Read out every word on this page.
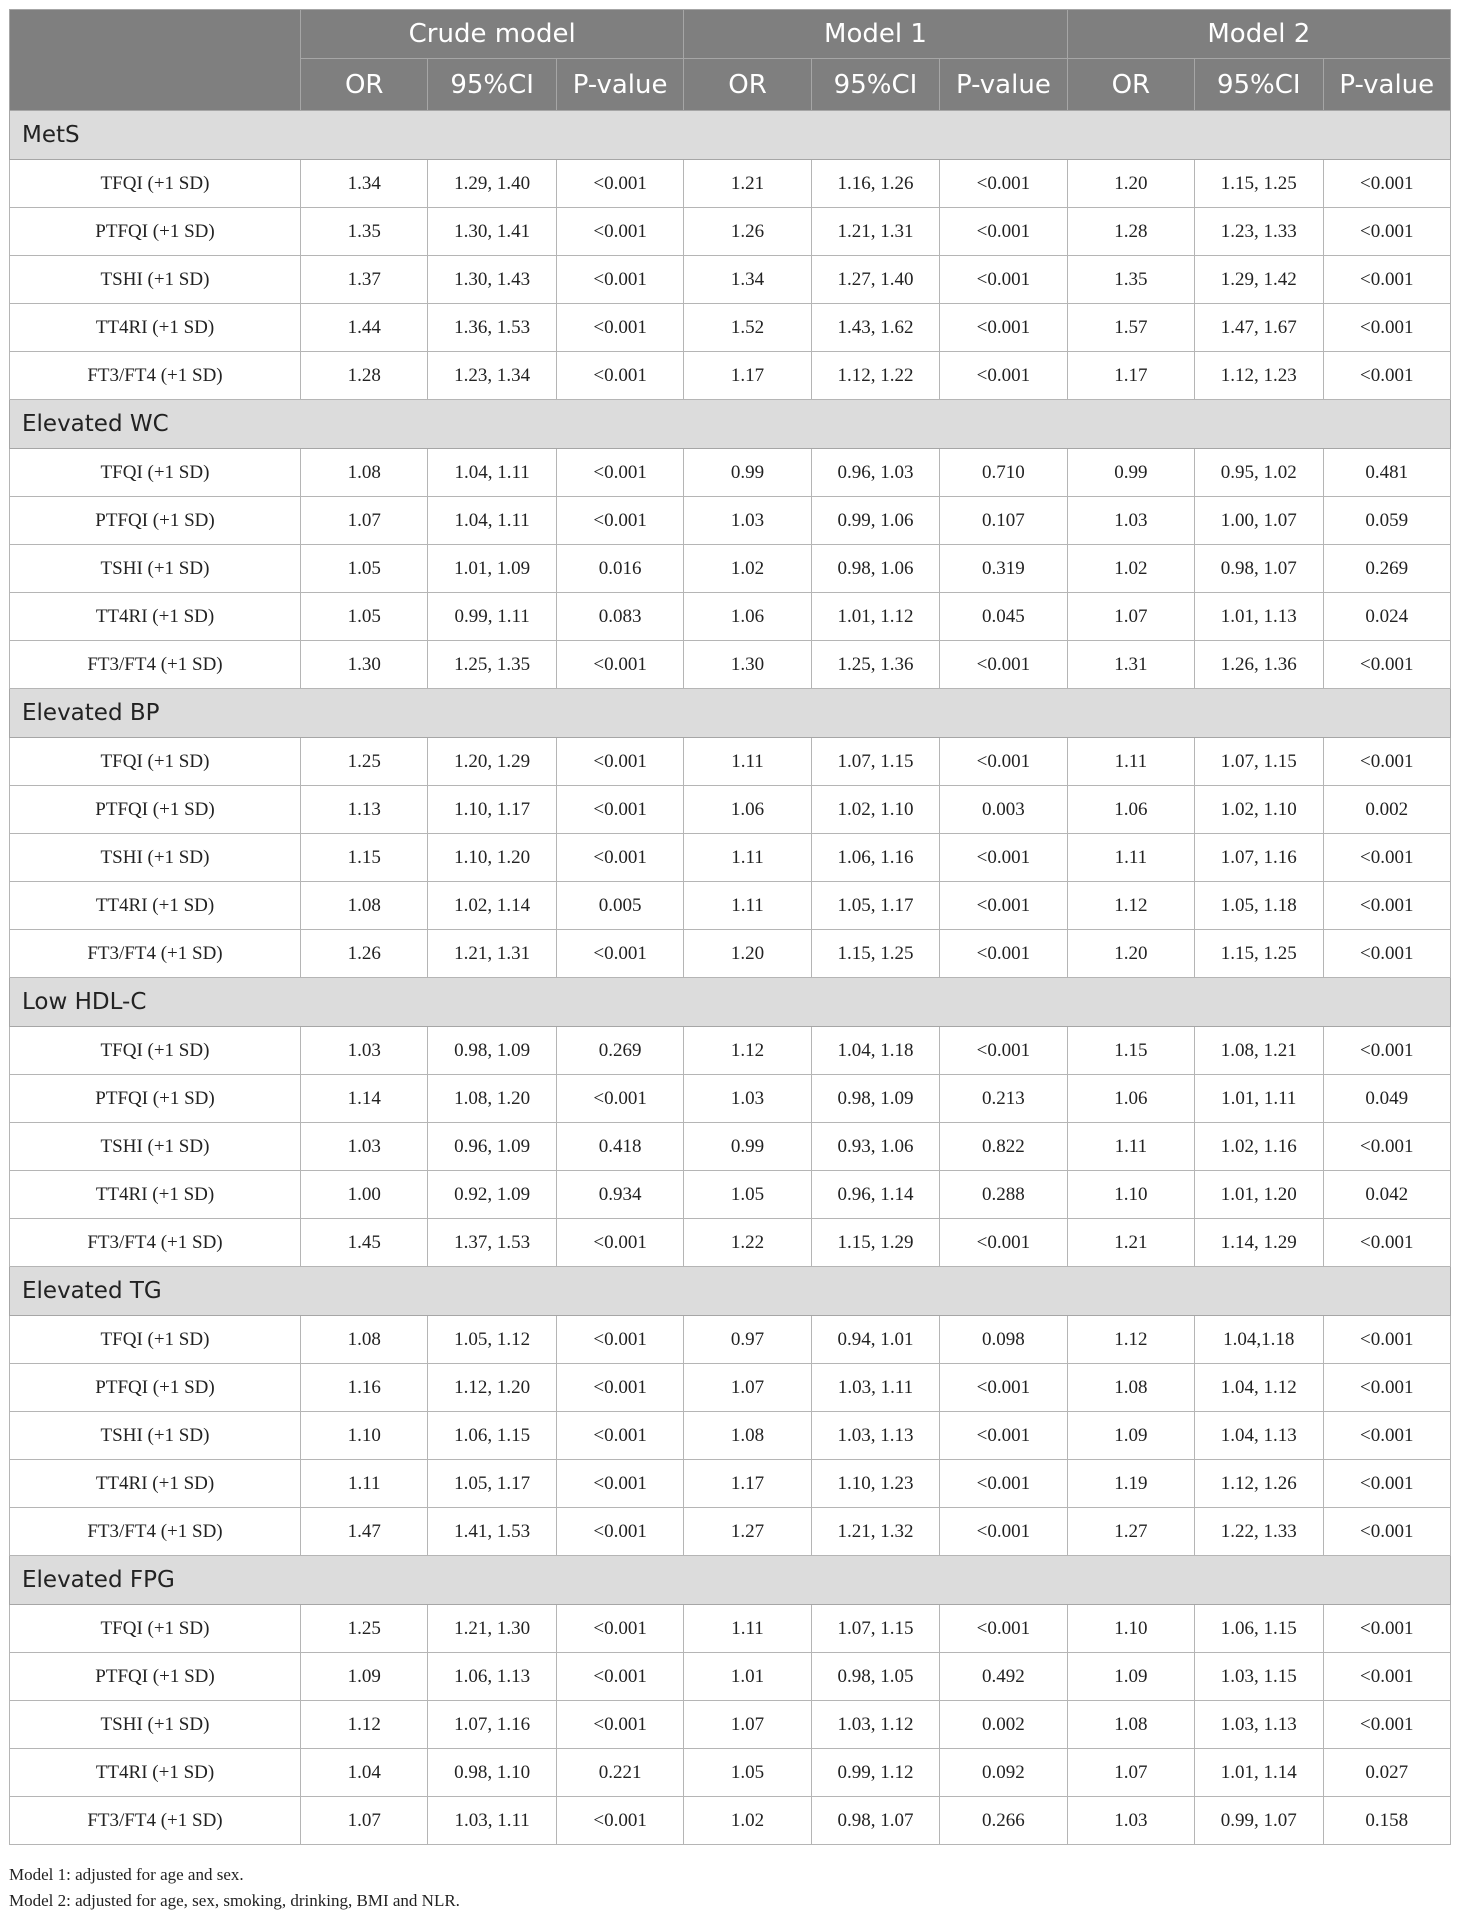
	Crude model			Model 1			Model 2		
	OR	95%CI	P-value	OR	95%CI	P-value	OR	95%CI	P-value
MetS									
TFQI (+1 SD)	1.34	1.29, 1.40	<0.001	1.21	1.16, 1.26	<0.001	1.20	1.15, 1.25	<0.001
PTFQI (+1 SD)	1.35	1.30, 1.41	<0.001	1.26	1.21, 1.31	<0.001	1.28	1.23, 1.33	<0.001
TSHI (+1 SD)	1.37	1.30, 1.43	<0.001	1.34	1.27, 1.40	<0.001	1.35	1.29, 1.42	<0.001
TT4RI (+1 SD)	1.44	1.36, 1.53	<0.001	1.52	1.43, 1.62	<0.001	1.57	1.47, 1.67	<0.001
FT3/FT4 (+1 SD)	1.28	1.23, 1.34	<0.001	1.17	1.12, 1.22	<0.001	1.17	1.12, 1.23	<0.001
Elevated WC									
TFQI (+1 SD)	1.08	1.04, 1.11	<0.001	0.99	0.96, 1.03	0.710	0.99	0.95, 1.02	0.481
PTFQI (+1 SD)	1.07	1.04, 1.11	<0.001	1.03	0.99, 1.06	0.107	1.03	1.00, 1.07	0.059
TSHI (+1 SD)	1.05	1.01, 1.09	0.016	1.02	0.98, 1.06	0.319	1.02	0.98, 1.07	0.269
TT4RI (+1 SD)	1.05	0.99, 1.11	0.083	1.06	1.01, 1.12	0.045	1.07	1.01, 1.13	0.024
FT3/FT4 (+1 SD)	1.30	1.25, 1.35	<0.001	1.30	1.25, 1.36	<0.001	1.31	1.26, 1.36	<0.001
Elevated BP									
TFQI (+1 SD)	1.25	1.20, 1.29	<0.001	1.11	1.07, 1.15	<0.001	1.11	1.07, 1.15	<0.001
PTFQI (+1 SD)	1.13	1.10, 1.17	<0.001	1.06	1.02, 1.10	0.003	1.06	1.02, 1.10	0.002
TSHI (+1 SD)	1.15	1.10, 1.20	<0.001	1.11	1.06, 1.16	<0.001	1.11	1.07, 1.16	<0.001
TT4RI (+1 SD)	1.08	1.02, 1.14	0.005	1.11	1.05, 1.17	<0.001	1.12	1.05, 1.18	<0.001
FT3/FT4 (+1 SD)	1.26	1.21, 1.31	<0.001	1.20	1.15, 1.25	<0.001	1.20	1.15, 1.25	<0.001
Low HDL-C									
TFQI (+1 SD)	1.03	0.98, 1.09	0.269	1.12	1.04, 1.18	<0.001	1.15	1.08, 1.21	<0.001
PTFQI (+1 SD)	1.14	1.08, 1.20	<0.001	1.03	0.98, 1.09	0.213	1.06	1.01, 1.11	0.049
TSHI (+1 SD)	1.03	0.96, 1.09	0.418	0.99	0.93, 1.06	0.822	1.11	1.02, 1.16	<0.001
TT4RI (+1 SD)	1.00	0.92, 1.09	0.934	1.05	0.96, 1.14	0.288	1.10	1.01, 1.20	0.042
FT3/FT4 (+1 SD)	1.45	1.37, 1.53	<0.001	1.22	1.15, 1.29	<0.001	1.21	1.14, 1.29	<0.001
Elevated TG									
TFQI (+1 SD)	1.08	1.05, 1.12	<0.001	0.97	0.94, 1.01	0.098	1.12	1.04,1.18	<0.001
PTFQI (+1 SD)	1.16	1.12, 1.20	<0.001	1.07	1.03, 1.11	<0.001	1.08	1.04, 1.12	<0.001
TSHI (+1 SD)	1.10	1.06, 1.15	<0.001	1.08	1.03, 1.13	<0.001	1.09	1.04, 1.13	<0.001
TT4RI (+1 SD)	1.11	1.05, 1.17	<0.001	1.17	1.10, 1.23	<0.001	1.19	1.12, 1.26	<0.001
FT3/FT4 (+1 SD)	1.47	1.41, 1.53	<0.001	1.27	1.21, 1.32	<0.001	1.27	1.22, 1.33	<0.001
Elevated FPG									
TFQI (+1 SD)	1.25	1.21, 1.30	<0.001	1.11	1.07, 1.15	<0.001	1.10	1.06, 1.15	<0.001
PTFQI (+1 SD)	1.09	1.06, 1.13	<0.001	1.01	0.98, 1.05	0.492	1.09	1.03, 1.15	<0.001
TSHI (+1 SD)	1.12	1.07, 1.16	<0.001	1.07	1.03, 1.12	0.002	1.08	1.03, 1.13	<0.001
TT4RI (+1 SD)	1.04	0.98, 1.10	0.221	1.05	0.99, 1.12	0.092	1.07	1.01, 1.14	0.027
FT3/FT4 (+1 SD)	1.07	1.03, 1.11	<0.001	1.02	0.98, 1.07	0.266	1.03	0.99, 1.07	0.158
Model 1: adjusted for age and sex.
Model 2: adjusted for age, sex, smoking, drinking, BMI and NLR.
